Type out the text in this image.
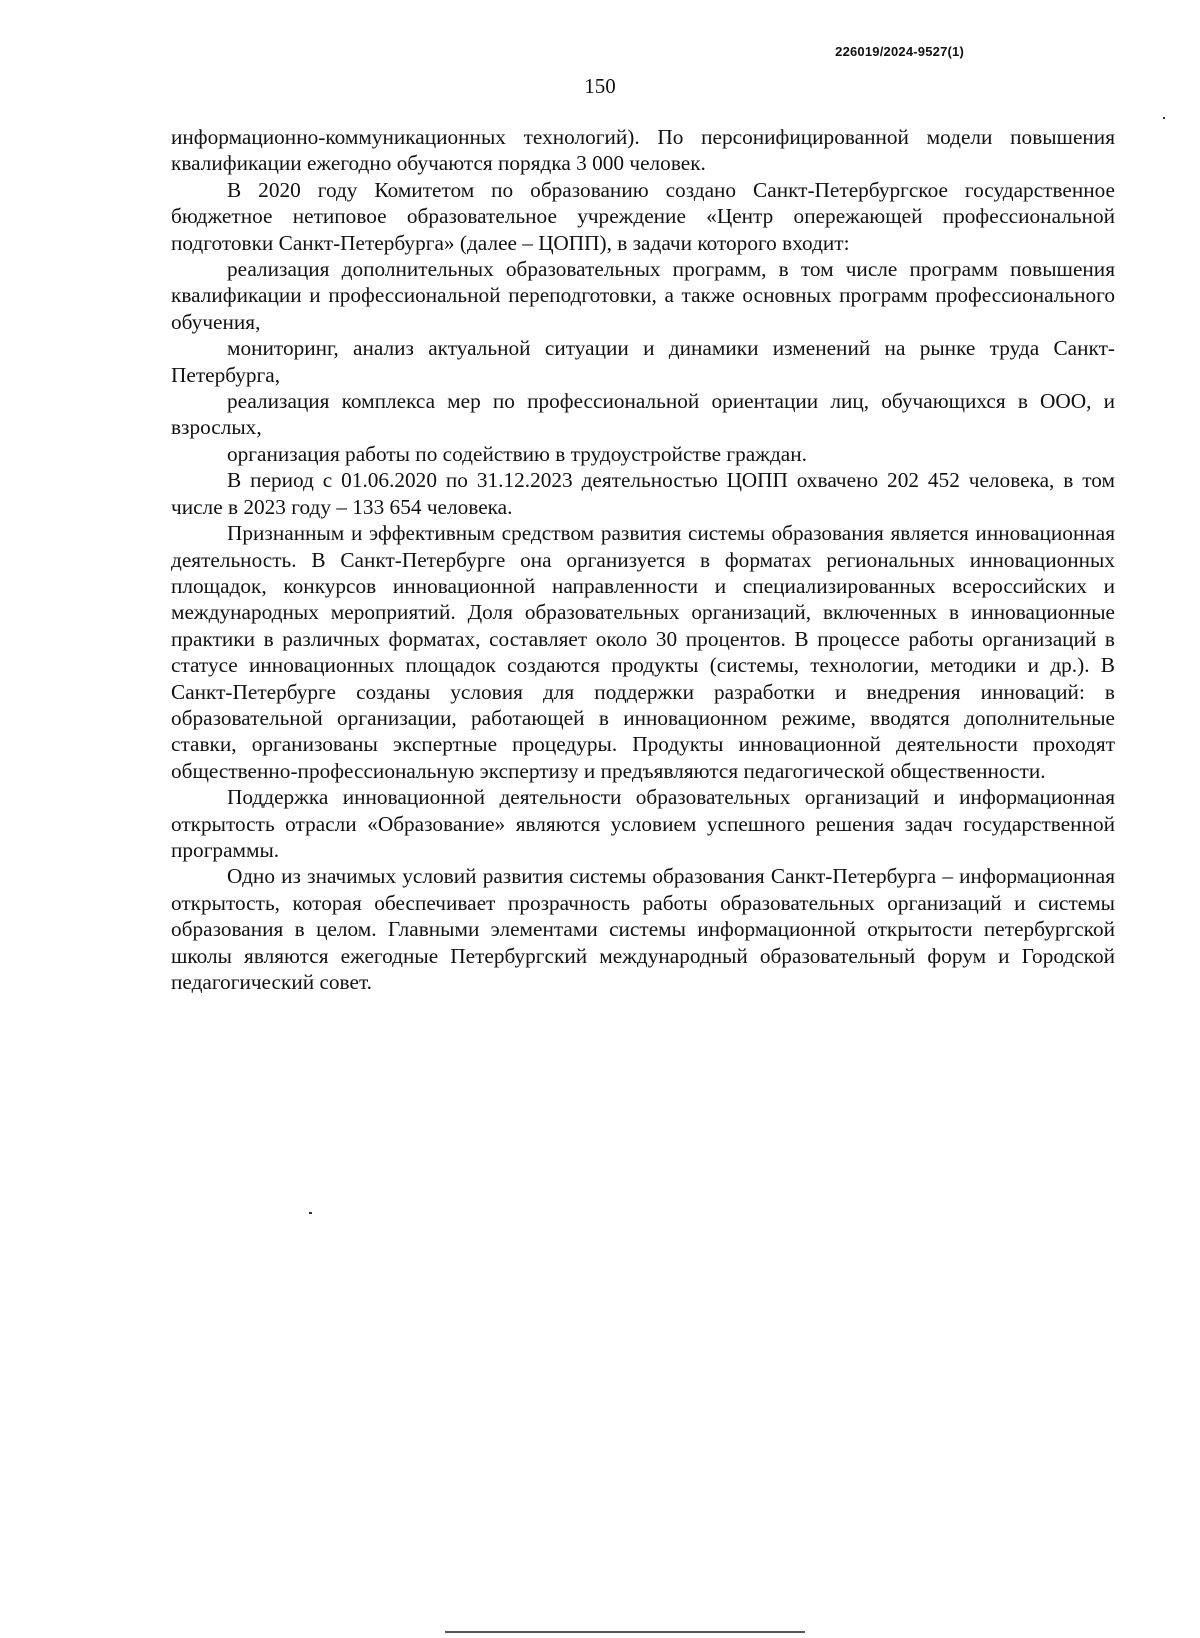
226019/2024-9527(1)
150

информационно-коммуникационных технологий). По персонифицированной модели повышения квалификации ежегодно обучаются порядка 3 000 человек.

В 2020 году Комитетом по образованию создано Санкт-Петербургское государственное бюджетное нетиповое образовательное учреждение «Центр опережающей профессиональной подготовки Санкт-Петербурга» (далее – ЦОПП), в задачи которого входит:

реализация дополнительных образовательных программ, в том числе программ повышения квалификации и профессиональной переподготовки, а также основных программ профессионального обучения,

мониторинг, анализ актуальной ситуации и динамики изменений на рынке труда Санкт-Петербурга,

реализация комплекса мер по профессиональной ориентации лиц, обучающихся в ООО, и взрослых,

организация работы по содействию в трудоустройстве граждан.

В период с 01.06.2020 по 31.12.2023 деятельностью ЦОПП охвачено 202 452 человека, в том числе в 2023 году – 133 654 человека.

Признанным и эффективным средством развития системы образования является инновационная деятельность. В Санкт-Петербурге она организуется в форматах региональных инновационных площадок, конкурсов инновационной направленности и специализированных всероссийских и международных мероприятий. Доля образовательных организаций, включенных в инновационные практики в различных форматах, составляет около 30 процентов. В процессе работы организаций в статусе инновационных площадок создаются продукты (системы, технологии, методики и др.). В Санкт-Петербурге созданы условия для поддержки разработки и внедрения инноваций: в образовательной организации, работающей в инновационном режиме, вводятся дополнительные ставки, организованы экспертные процедуры. Продукты инновационной деятельности проходят общественно-профессиональную экспертизу и предъявляются педагогической общественности.

Поддержка инновационной деятельности образовательных организаций и информационная открытость отрасли «Образование» являются условием успешного решения задач государственной программы.

Одно из значимых условий развития системы образования Санкт-Петербурга – информационная открытость, которая обеспечивает прозрачность работы образовательных организаций и системы образования в целом. Главными элементами системы информационной открытости петербургской школы являются ежегодные Петербургский международный образовательный форум и Городской педагогический совет.
